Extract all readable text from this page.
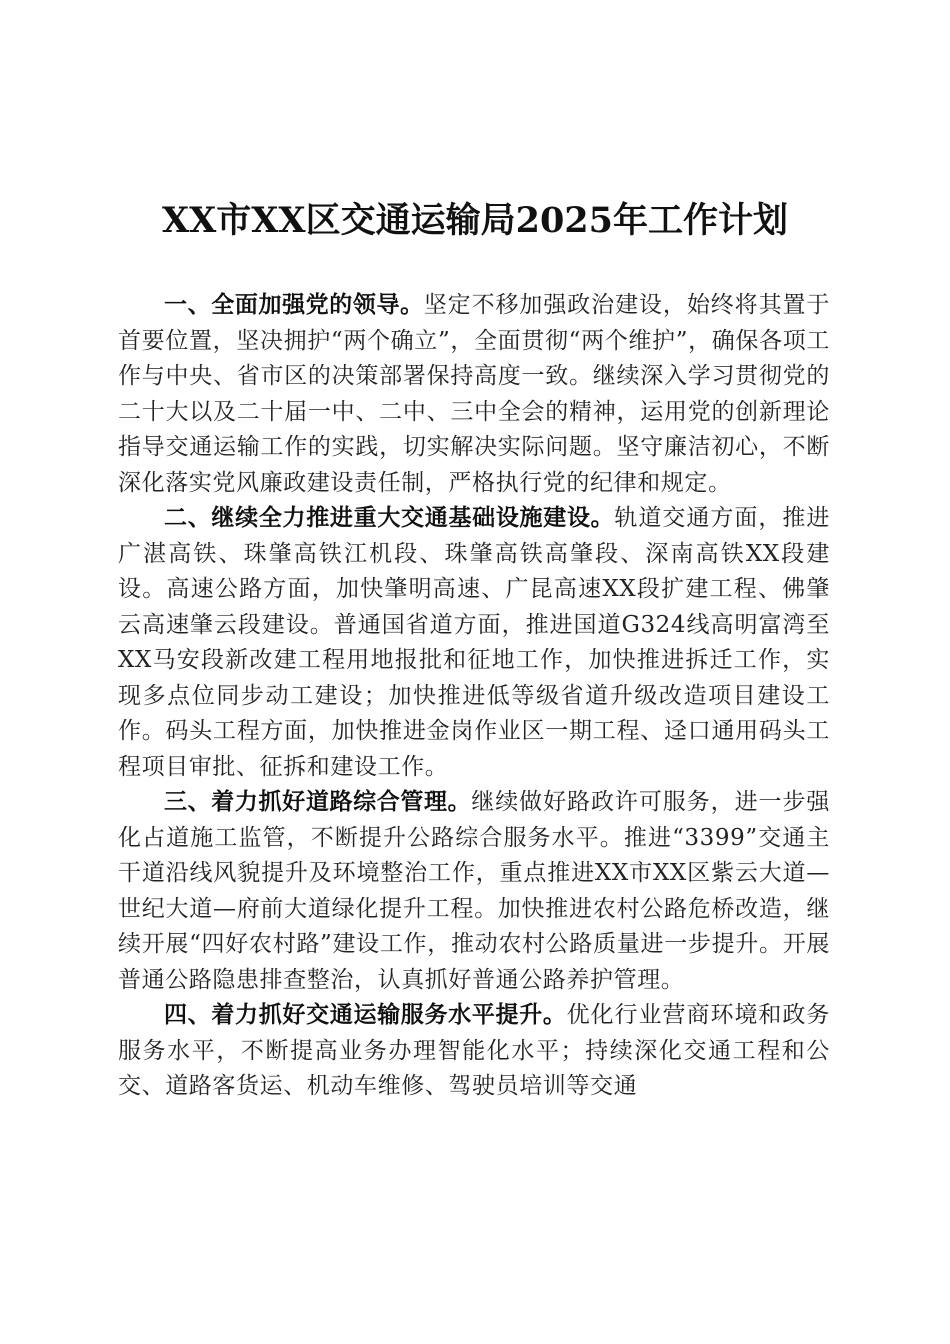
XX市XX区交通运输局2025年工作计划

一、全面加强党的领导。坚定不移加强政治建设，始终将其置于首要位置，坚决拥护“两个确立”，全面贯彻“两个维护”，确保各项工作与中央、省市区的决策部署保持高度一致。继续深入学习贯彻党的二十大以及二十届一中、二中、三中全会的精神，运用党的创新理论指导交通运输工作的实践，切实解决实际问题。坚守廉洁初心，不断深化落实党风廉政建设责任制，严格执行党的纪律和规定。

二、继续全力推进重大交通基础设施建设。轨道交通方面，推进广湛高铁、珠肇高铁江机段、珠肇高铁高肇段、深南高铁XX段建设。高速公路方面，加快肇明高速、广昆高速XX段扩建工程、佛肇云高速肇云段建设。普通国省道方面，推进国道G324线高明富湾至XX马安段新改建工程用地报批和征地工作，加快推进拆迁工作，实现多点位同步动工建设；加快推进低等级省道升级改造项目建设工作。码头工程方面，加快推进金岗作业区一期工程、迳口通用码头工程项目审批、征拆和建设工作。

三、着力抓好道路综合管理。继续做好路政许可服务，进一步强化占道施工监管，不断提升公路综合服务水平。推进“3399”交通主干道沿线风貌提升及环境整治工作，重点推进XX市XX区紫云大道—世纪大道—府前大道绿化提升工程。加快推进农村公路危桥改造，继续开展“四好农村路”建设工作，推动农村公路质量进一步提升。开展普通公路隐患排查整治，认真抓好普通公路养护管理。

四、着力抓好交通运输服务水平提升。优化行业营商环境和政务服务水平，不断提高业务办理智能化水平；持续深化交通工程和公交、道路客货运、机动车维修、驾驶员培训等交通
